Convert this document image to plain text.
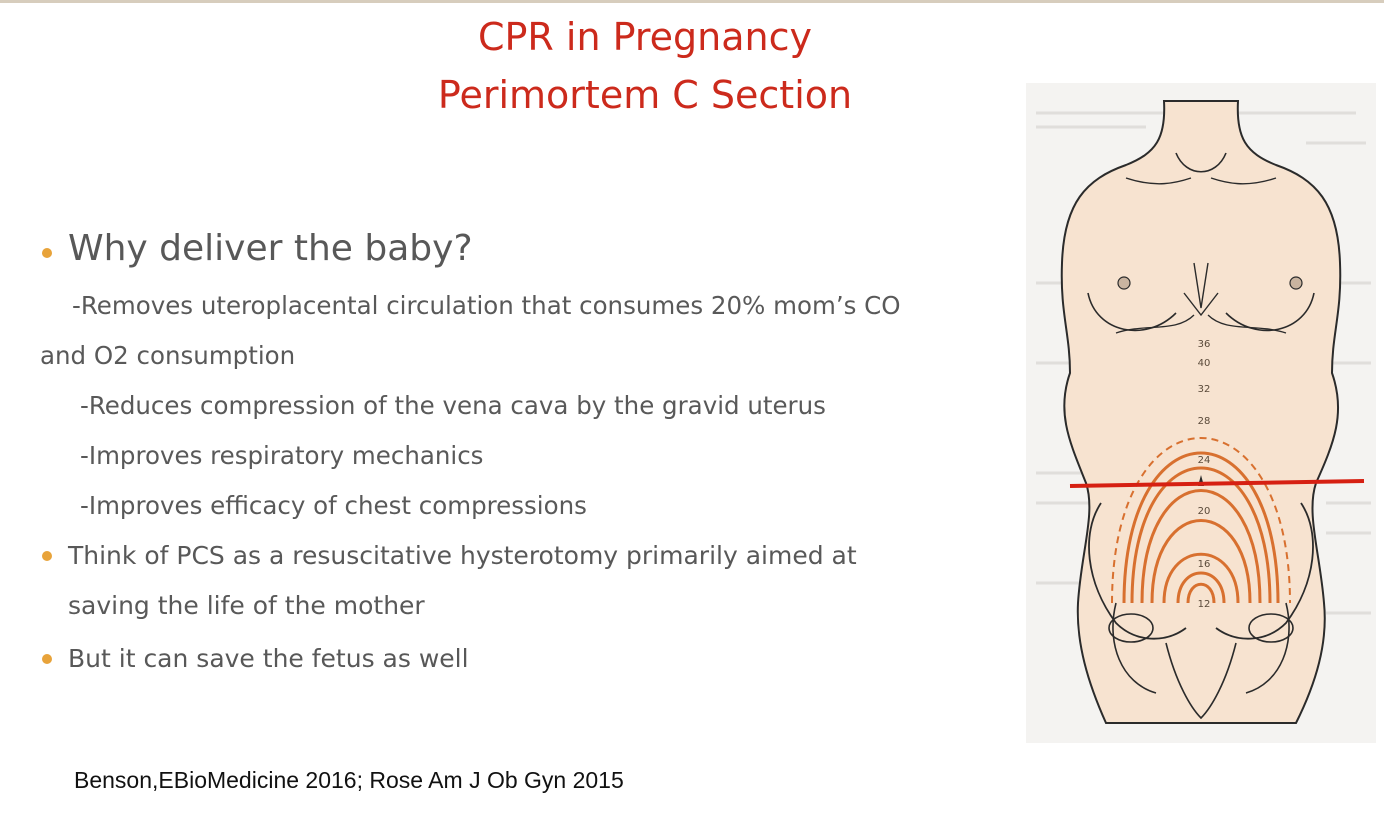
CPR in Pregnancy
Perimortem C Section
Why deliver the baby?
-Removes uteroplacental circulation that consumes 20% mom’s CO
and O2 consumption
-Reduces compression of the vena cava by the gravid uterus
-Improves respiratory mechanics
-Improves efficacy of chest compressions
Think of PCS as a resuscitative hysterotomy primarily aimed at
saving the life of the mother
But it can save the fetus as well
Benson,EBioMedicine 2016; Rose Am J Ob Gyn 2015
36
40
32
28
24
20
16
12
